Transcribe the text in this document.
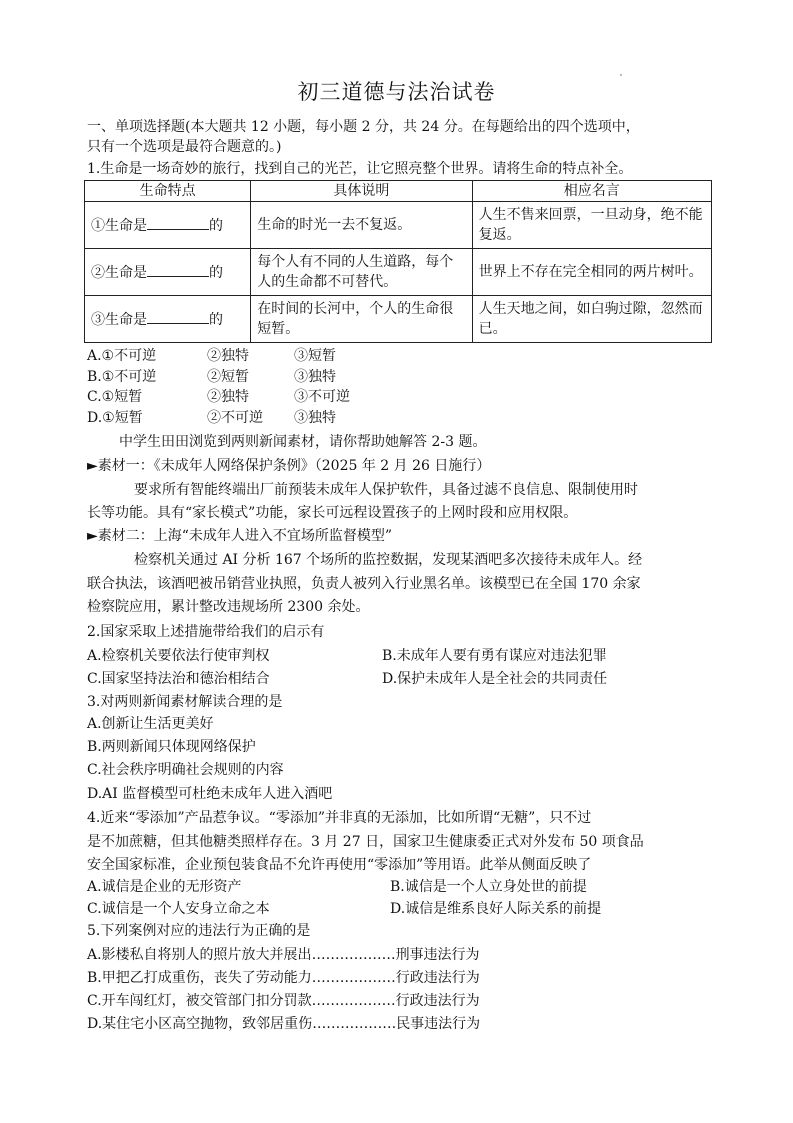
初三道德与法治试卷
一、单项选择题(本大题共 12 小题，每小题 2 分，共 24 分。在每题给出的四个选项中，
只有一个选项是最符合题意的。)
1.生命是一场奇妙的旅行，找到自己的光芒，让它照亮整个世界。请将生命的特点补全。
生命特点	具体说明	相应名言
①生命是 的	生命的时光一去不复返。	人生不售来回票，一旦动身，绝不能复返。
②生命是 的	每个人有不同的人生道路，每个人的生命都不可替代。	世界上不存在完全相同的两片树叶。
③生命是 的	在时间的长河中，个人的生命很短暂。	人生天地之间，如白驹过隙，忽然而已。
A.①不可逆	②独特	③短暂
B.①不可逆	②短暂	③独特
C.①短暂	②独特	③不可逆
D.①短暂	②不可逆 ③独特
中学生田田浏览到两则新闻素材，请你帮助她解答 2-3 题。
►素材一：《未成年人网络保护条例》（2025 年 2 月 26 日施行）
要求所有智能终端出厂前预装未成年人保护软件，具备过滤不良信息、限制使用时
长等功能。具有“家长模式”功能，家长可远程设置孩子的上网时段和应用权限。
►素材二：上海“未成年人进入不宜场所监督模型”
检察机关通过 AI 分析 167 个场所的监控数据，发现某酒吧多次接待未成年人。经
联合执法，该酒吧被吊销营业执照，负责人被列入行业黑名单。该模型已在全国 170 余家
检察院应用，累计整改违规场所 2300 余处。
2.国家采取上述措施带给我们的启示有
A.检察机关要依法行使审判权	B.未成年人要有勇有谋应对违法犯罪
C.国家坚持法治和德治相结合	D.保护未成年人是全社会的共同责任
3.对两则新闻素材解读合理的是
A.创新让生活更美好
B.两则新闻只体现网络保护
C.社会秩序明确社会规则的内容
D.AI 监督模型可杜绝未成年人进入酒吧
4.近来“零添加”产品惹争议。“零添加”并非真的无添加，比如所谓“无糖”，只不过
是不加蔗糖，但其他糖类照样存在。3 月 27 日，国家卫生健康委正式对外发布 50 项食品
安全国家标准，企业预包装食品不允许再使用“零添加”等用语。此举从侧面反映了
A.诚信是企业的无形资产	B.诚信是一个人立身处世的前提
C.诚信是一个人安身立命之本	D.诚信是维系良好人际关系的前提
5.下列案例对应的违法行为正确的是
A.影楼私自将别人的照片放大并展出………………刑事违法行为
B.甲把乙打成重伤，丧失了劳动能力………………行政违法行为
C.开车闯红灯，被交管部门扣分罚款………………行政违法行为
D.某住宅小区高空抛物，致邻居重伤………………民事违法行为
